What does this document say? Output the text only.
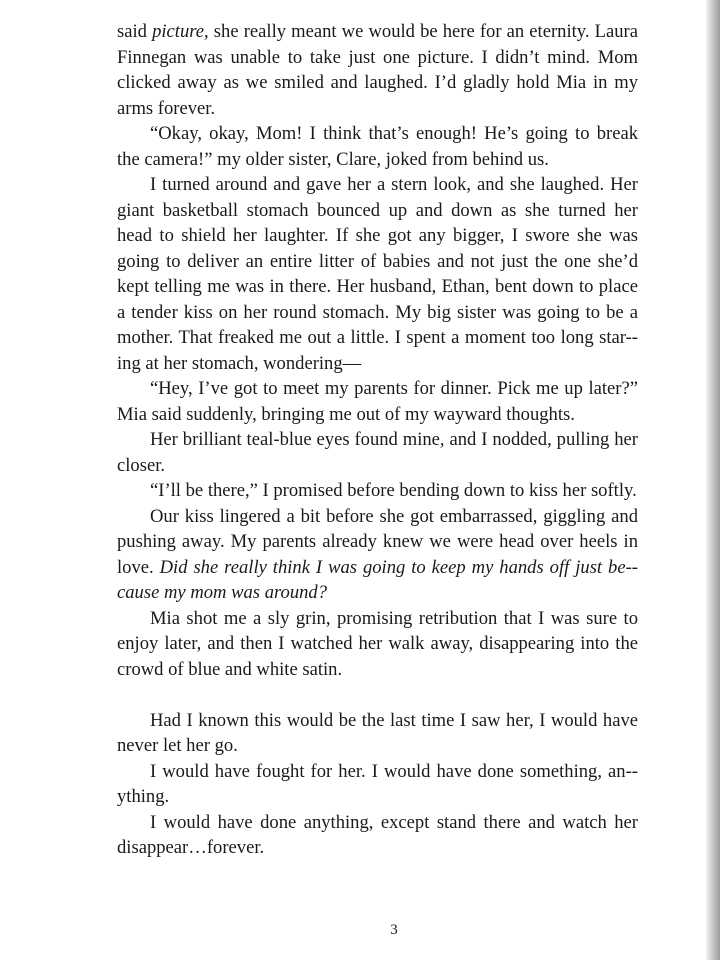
said picture, she really meant we would be here for an eternity. Laura Finnegan was unable to take just one picture. I didn’t mind. Mom clicked away as we smiled and laughed. I’d gladly hold Mia in my arms forever.

“Okay, okay, Mom! I think that’s enough! He’s going to break the camera!” my older sister, Clare, joked from behind us.

I turned around and gave her a stern look, and she laughed. Her giant basketball stomach bounced up and down as she turned her head to shield her laughter. If she got any bigger, I swore she was going to deliver an entire litter of babies and not just the one she’d kept telling me was in there. Her husband, Ethan, bent down to place a tender kiss on her round stomach. My big sister was going to be a mother. That freaked me out a little. I spent a moment too long star-ing at her stomach, wondering—

“Hey, I’ve got to meet my parents for dinner. Pick me up later?” Mia said suddenly, bringing me out of my wayward thoughts.

Her brilliant teal-blue eyes found mine, and I nodded, pulling her closer.

“I’ll be there,” I promised before bending down to kiss her softly.

Our kiss lingered a bit before she got embarrassed, giggling and pushing away. My parents already knew we were head over heels in love. Did she really think I was going to keep my hands off just be-cause my mom was around?

Mia shot me a sly grin, promising retribution that I was sure to enjoy later, and then I watched her walk away, disappearing into the crowd of blue and white satin.

Had I known this would be the last time I saw her, I would have never let her go.

I would have fought for her. I would have done something, an-ything.

I would have done anything, except stand there and watch her disappear…forever.

3
